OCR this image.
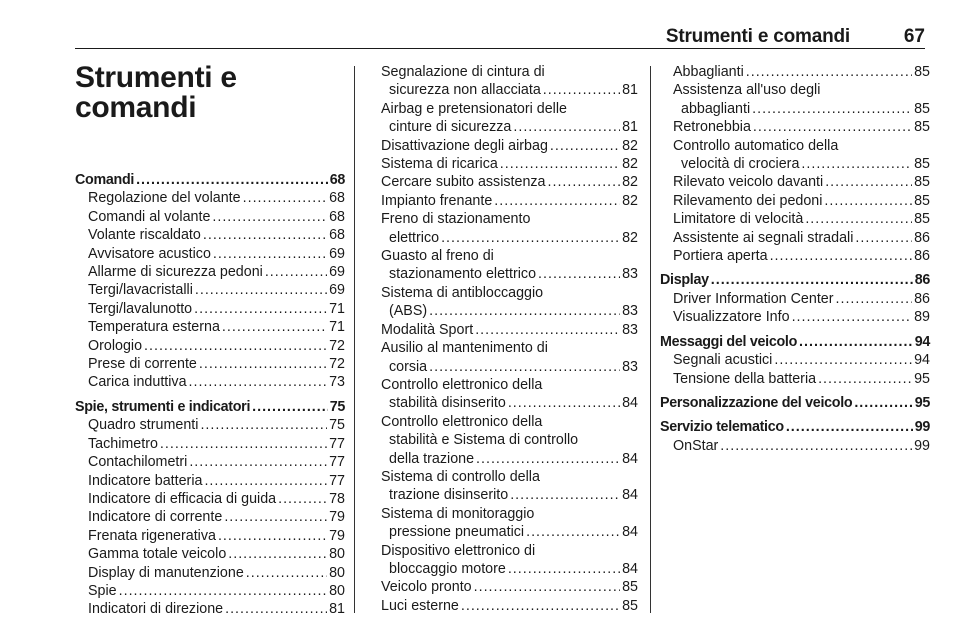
Strumenti e comandi	67
Strumenti e
comandi
Comandi .....	68
Regolazione del volante .....	68
Comandi al volante .....	68
Volante riscaldato .....	68
Avvisatore acustico .....	69
Allarme di sicurezza pedoni .....	69
Tergi/lavacristalli .....	69
Tergi/lavalunotto .....	71
Temperatura esterna .....	71
Orologio .....	72
Prese di corrente .....	72
Carica induttiva .....	73
Spie, strumenti e indicatori .....	75
Quadro strumenti .....	75
Tachimetro .....	77
Contachilometri .....	77
Indicatore batteria .....	77
Indicatore di efficacia di guida .....	78
Indicatore di corrente .....	79
Frenata rigenerativa .....	79
Gamma totale veicolo .....	80
Display di manutenzione .....	80
Spie .....	80
Indicatori di direzione .....	81
Segnalazione di cintura di
sicurezza non allacciata .....	81
Airbag e pretensionatori delle
cinture di sicurezza .....	81
Disattivazione degli airbag .....	82
Sistema di ricarica .....	82
Cercare subito assistenza .....	82
Impianto frenante .....	82
Freno di stazionamento
elettrico .....	82
Guasto al freno di
stazionamento elettrico .....	83
Sistema di antibloccaggio
(ABS) .....	83
Modalità Sport .....	83
Ausilio al mantenimento di
corsia .....	83
Controllo elettronico della
stabilità disinserito .....	84
Controllo elettronico della
stabilità e Sistema di controllo
della trazione .....	84
Sistema di controllo della
trazione disinserito .....	84
Sistema di monitoraggio
pressione pneumatici .....	84
Dispositivo elettronico di
bloccaggio motore .....	84
Veicolo pronto .....	85
Luci esterne .....	85
Abbaglianti .....	85
Assistenza all'uso degli
abbaglianti .....	85
Retronebbia .....	85
Controllo automatico della
velocità di crociera .....	85
Rilevato veicolo davanti .....	85
Rilevamento dei pedoni .....	85
Limitatore di velocità .....	85
Assistente ai segnali stradali .....	86
Portiera aperta .....	86
Display .....	86
Driver Information Center .....	86
Visualizzatore Info .....	89
Messaggi del veicolo .....	94
Segnali acustici .....	94
Tensione della batteria .....	95
Personalizzazione del veicolo .....	95
Servizio telematico .....	99
OnStar .....	99
